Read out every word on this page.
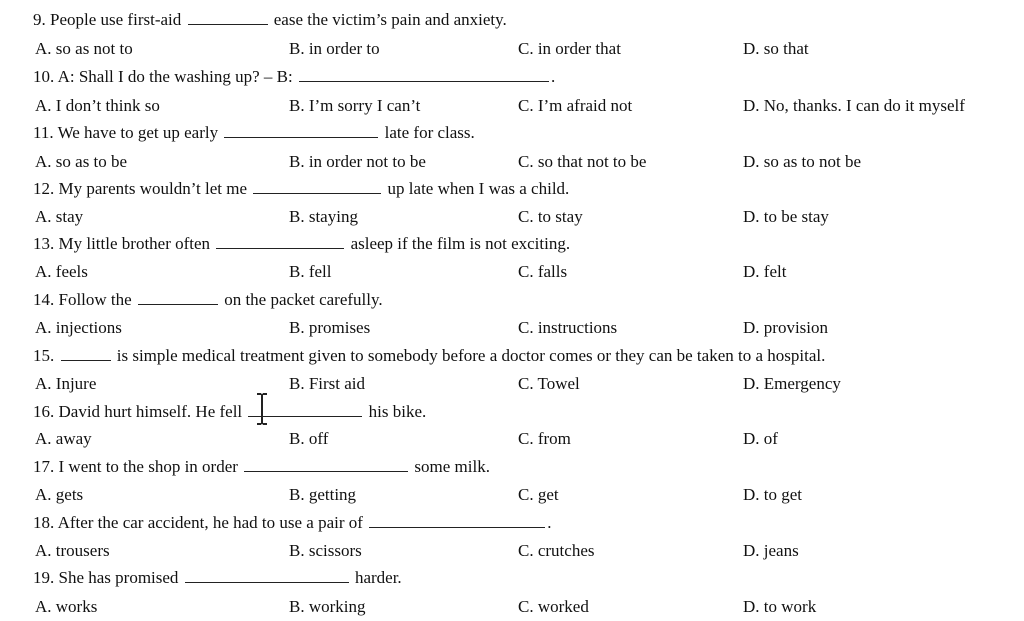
9. People use first-aid	ease the victim’s pain and anxiety.
A. so as not to	B. in order to	C. in order that	D. so that
10. A: Shall I do the washing up? – B:	.
A. I don’t think so	B. I’m sorry I can’t	C. I’m afraid not	D. No, thanks. I can do it myself
11. We have to get up early	late for class.
A. so as to be	B. in order not to be	C. so that not to be	D. so as to not be
12. My parents wouldn’t let me	up late when I was a child.
A. stay	B. staying	C. to stay	D. to be stay
13. My little brother often	asleep if the film is not exciting.
A. feels	B. fell	C. falls	D. felt
14. Follow the	on the packet carefully.
A. injections	B. promises	C. instructions	D. provision
15.	is simple medical treatment given to somebody before a doctor comes or they can be taken to a hospital.
A. Injure	B. First aid	C. Towel	D. Emergency
16. David hurt himself. He fell	his bike.
A. away	B. off	C. from	D. of
17. I went to the shop in order	some milk.
A. gets	B. getting	C. get	D. to get
18. After the car accident, he had to use a pair of	.
A. trousers	B. scissors	C. crutches	D. jeans
19. She has promised	harder.
A. works	B. working	C. worked	D. to work
